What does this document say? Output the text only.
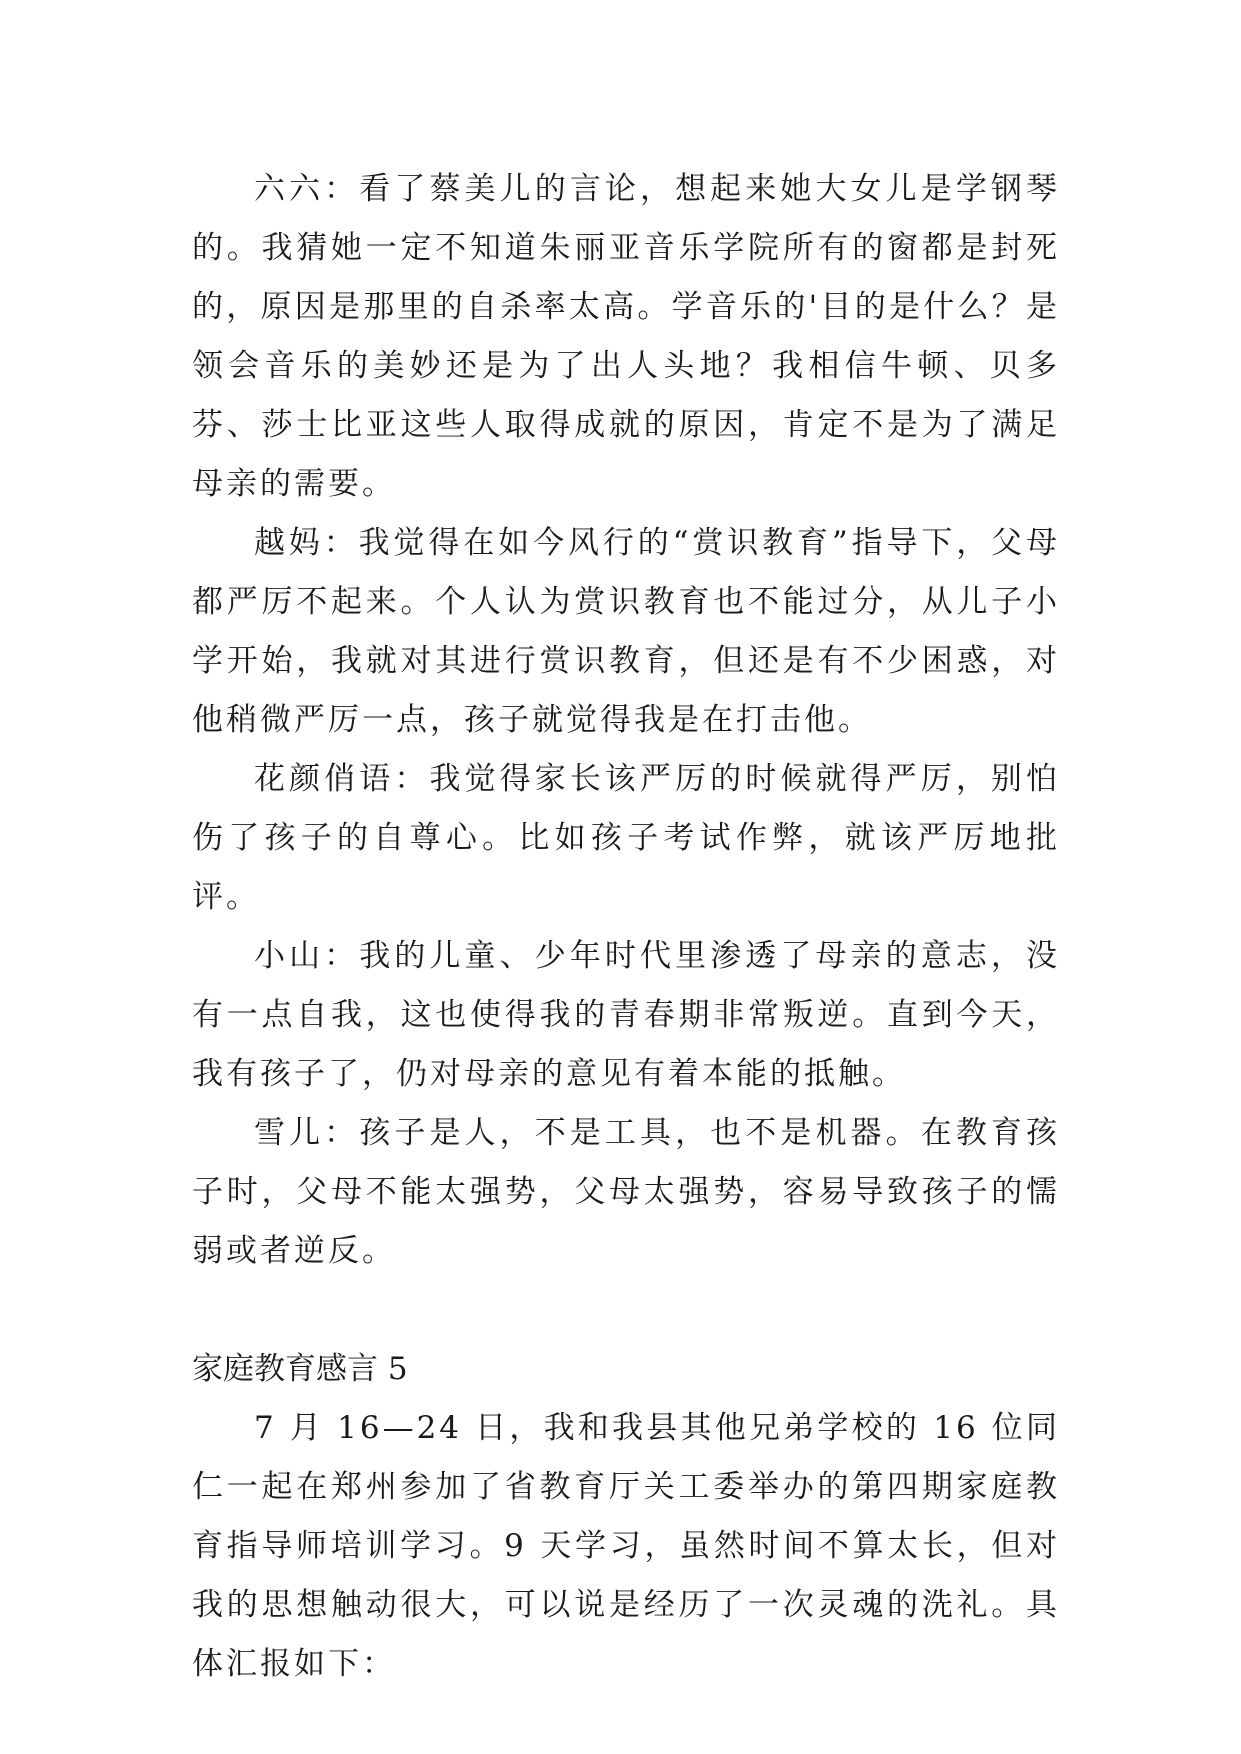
六六：看了蔡美儿的言论，想起来她大女儿是学钢琴的。我猜她一定不知道朱丽亚音乐学院所有的窗都是封死的，原因是那里的自杀率太高。学音乐的'目的是什么？是领会音乐的美妙还是为了出人头地？我相信牛顿、贝多芬、莎士比亚这些人取得成就的原因，肯定不是为了满足母亲的需要。

越妈：我觉得在如今风行的“赏识教育”指导下，父母都严厉不起来。个人认为赏识教育也不能过分，从儿子小学开始，我就对其进行赏识教育，但还是有不少困惑，对他稍微严厉一点，孩子就觉得我是在打击他。

花颜俏语：我觉得家长该严厉的时候就得严厉，别怕伤了孩子的自尊心。比如孩子考试作弊，就该严厉地批评。

小山：我的儿童、少年时代里渗透了母亲的意志，没有一点自我，这也使得我的青春期非常叛逆。直到今天，我有孩子了，仍对母亲的意见有着本能的抵触。

雪儿：孩子是人，不是工具，也不是机器。在教育孩子时，父母不能太强势，父母太强势，容易导致孩子的懦弱或者逆反。

家庭教育感言 5

7 月 16—24 日，我和我县其他兄弟学校的 16 位同仁一起在郑州参加了省教育厅关工委举办的第四期家庭教育指导师培训学习。9 天学习，虽然时间不算太长，但对我的思想触动很大，可以说是经历了一次灵魂的洗礼。具体汇报如下：
